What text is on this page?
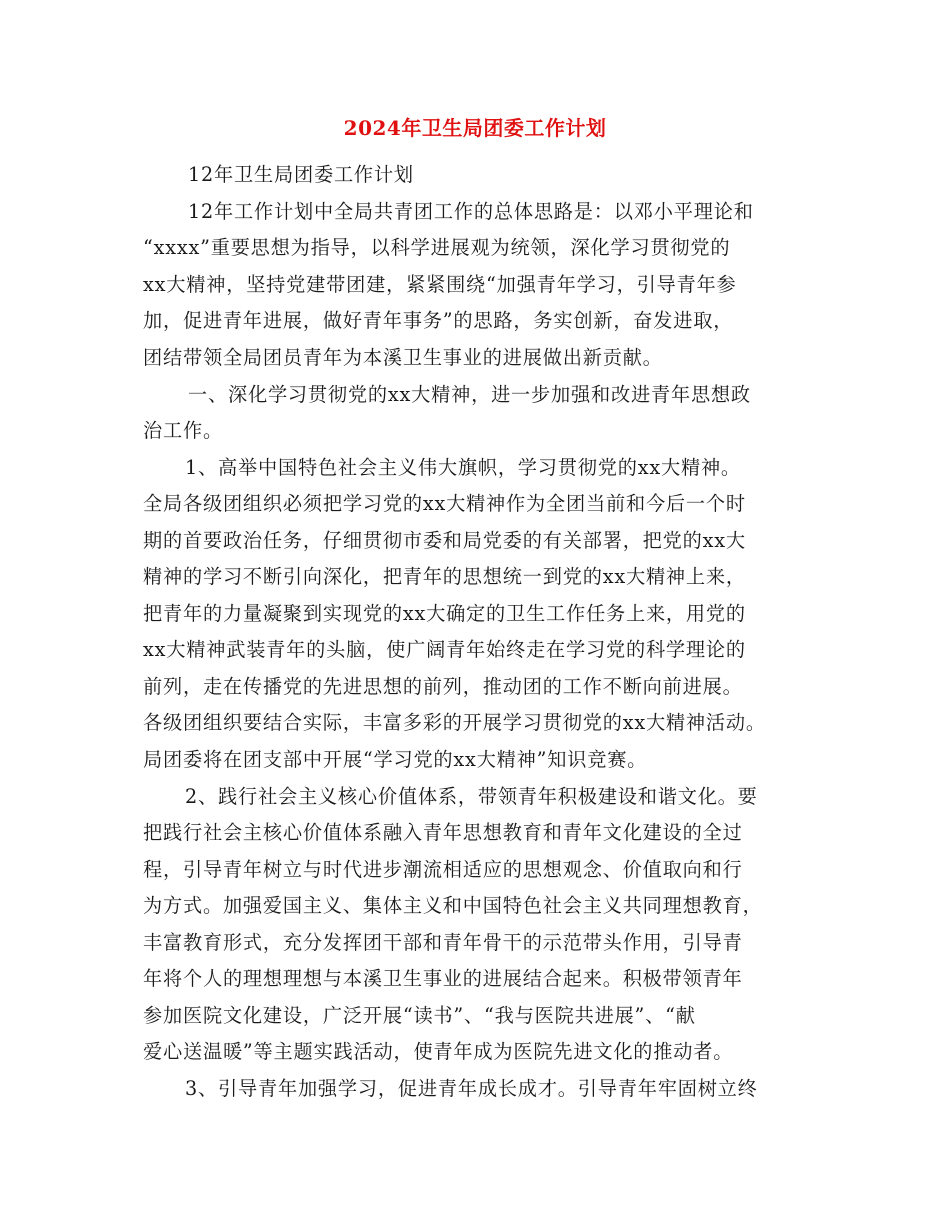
2024年卫生局团委工作计划
12年卫生局团委工作计划
12年工作计划中全局共青团工作的总体思路是：以邓小平理论和
“xxxx”重要思想为指导，以科学进展观为统领，深化学习贯彻党的
xx大精神，坚持党建带团建，紧紧围绕“加强青年学习，引导青年参
加，促进青年进展，做好青年事务”的思路，务实创新，奋发进取，
团结带领全局团员青年为本溪卫生事业的进展做出新贡献。
一、深化学习贯彻党的xx大精神，进一步加强和改进青年思想政
治工作。
1、高举中国特色社会主义伟大旗帜，学习贯彻党的xx大精神。
全局各级团组织必须把学习党的xx大精神作为全团当前和今后一个时
期的首要政治任务，仔细贯彻市委和局党委的有关部署，把党的xx大
精神的学习不断引向深化，把青年的思想统一到党的xx大精神上来，
把青年的力量凝聚到实现党的xx大确定的卫生工作任务上来，用党的
xx大精神武装青年的头脑，使广阔青年始终走在学习党的科学理论的
前列，走在传播党的先进思想的前列，推动团的工作不断向前进展。
各级团组织要结合实际，丰富多彩的开展学习贯彻党的xx大精神活动。
局团委将在团支部中开展“学习党的xx大精神”知识竞赛。
2、践行社会主义核心价值体系，带领青年积极建设和谐文化。要
把践行社会主核心价值体系融入青年思想教育和青年文化建设的全过
程，引导青年树立与时代进步潮流相适应的思想观念、价值取向和行
为方式。加强爱国主义、集体主义和中国特色社会主义共同理想教育，
丰富教育形式，充分发挥团干部和青年骨干的示范带头作用，引导青
年将个人的理想理想与本溪卫生事业的进展结合起来。积极带领青年
参加医院文化建设，广泛开展“读书”、“我与医院共进展”、“献
爱心送温暖”等主题实践活动，使青年成为医院先进文化的推动者。
3、引导青年加强学习，促进青年成长成才。引导青年牢固树立终
